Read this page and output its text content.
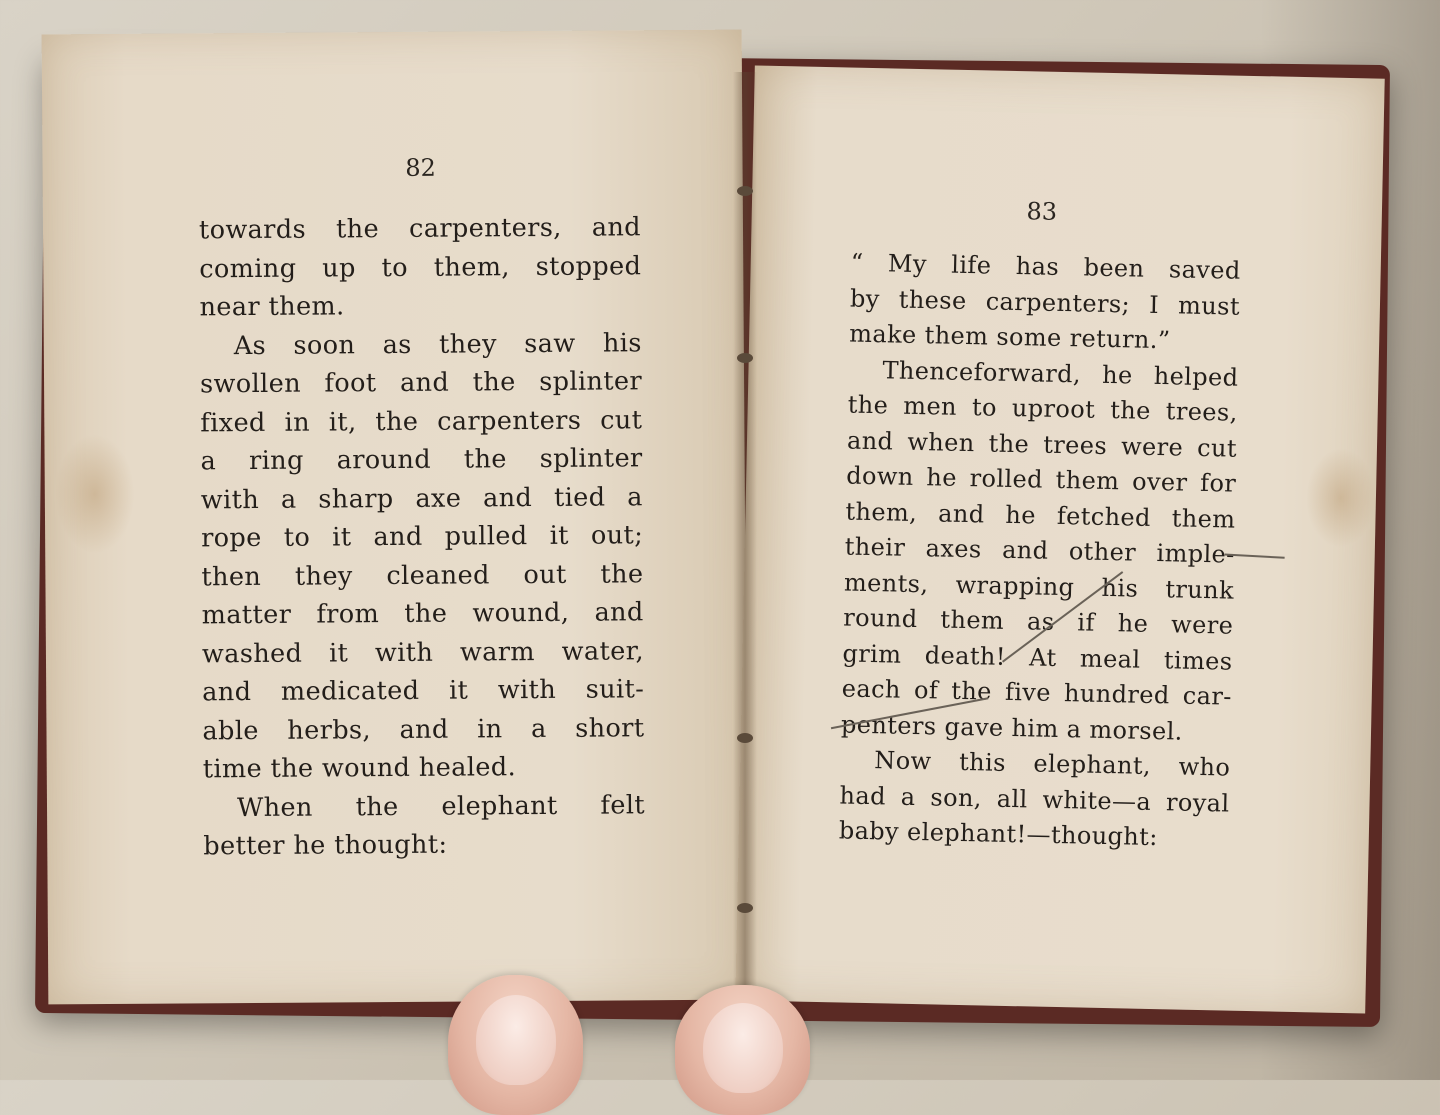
82
towards the carpenters, and
coming up to them, stopped
near them.
As soon as they saw his
swollen foot and the splinter
fixed in it, the carpenters cut
a ring around the splinter
with a sharp axe and tied a
rope to it and pulled it out;
then they cleaned out the
matter from the wound, and
washed it with warm water,
and medicated it with suit-
able herbs, and in a short
time the wound healed.
When the elephant felt
better he thought:
83
“ My life has been saved
by these carpenters; I must
make them some return.”
Thenceforward, he helped
the men to uproot the trees,
and when the trees were cut
down he rolled them over for
them, and he fetched them
their axes and other imple-
ments, wrapping his trunk
round them as if he were
grim death! At meal times
each of the five hundred car-
penters gave him a morsel.
Now this elephant, who
had a son, all white—a royal
baby elephant!—thought:
